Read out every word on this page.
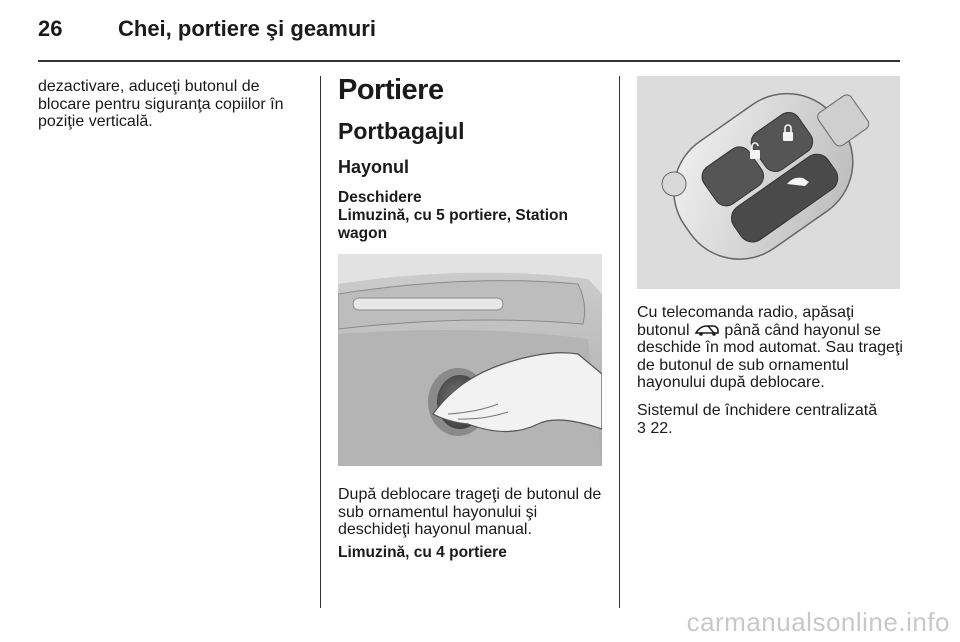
26	Chei, portiere şi geamuri

dezactivare, aduceţi butonul de

blocare pentru siguranţa copiilor în

poziţie verticală.

Portiere
Portbagajul
Hayonul
Deschidere
Limuzină, cu 5 portiere, Station
wagon

După deblocare trageţi de butonul de

sub ornamentul hayonului şi

deschideţi hayonul manual.

Limuzină, cu 4 portiere

Cu telecomanda radio, apăsaţi

butonul până când hayonul se

deschide în mod automat. Sau trageţi

de butonul de sub ornamentul

hayonului după deblocare.

Sistemul de închidere centralizată

3 22.

carmanualsonline.info
